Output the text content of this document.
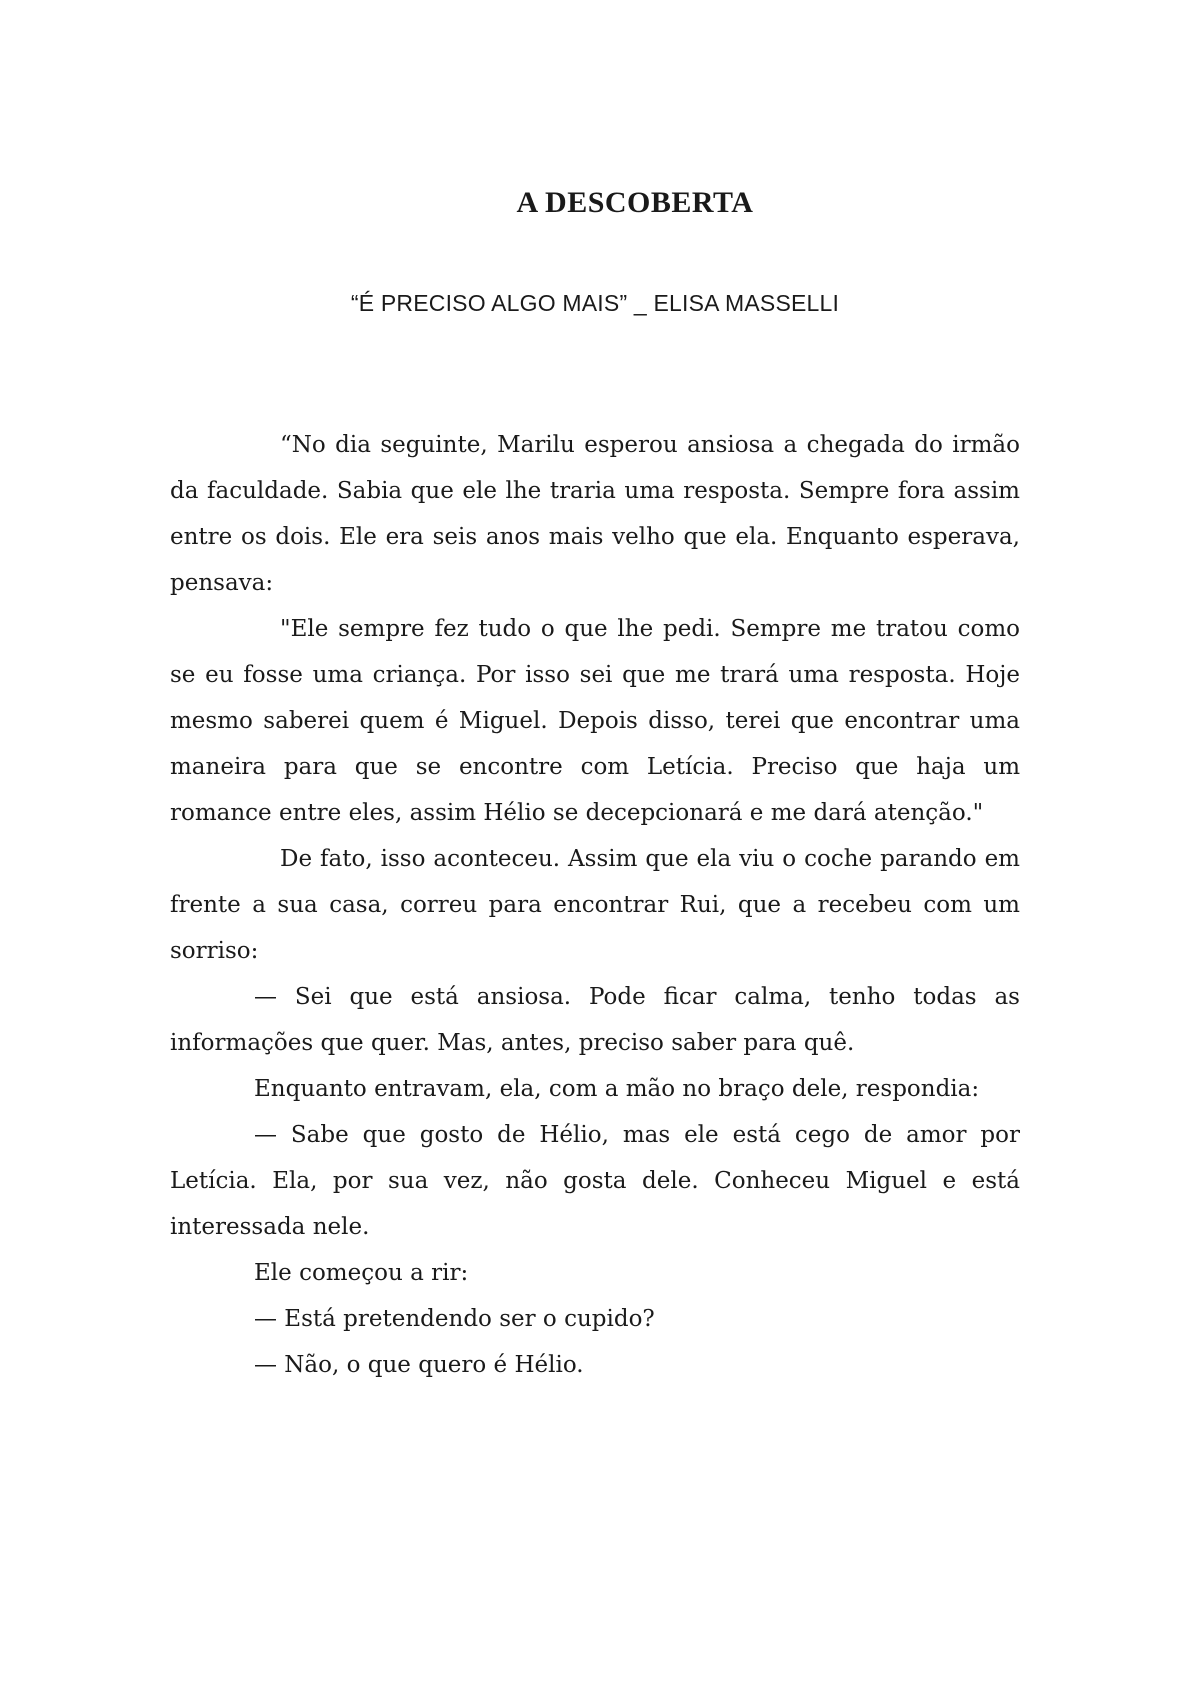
A DESCOBERTA

“É PRECISO ALGO MAIS” _ ELISA MASSELLI

“No dia seguinte, Marilu esperou ansiosa a chegada do irmão da faculdade. Sabia que ele lhe traria uma resposta. Sempre fora assim entre os dois. Ele era seis anos mais velho que ela. Enquanto esperava, pensava:

"Ele sempre fez tudo o que lhe pedi. Sempre me tratou como se eu fosse uma criança. Por isso sei que me trará uma resposta. Hoje mesmo saberei quem é Miguel. Depois disso, terei que encontrar uma maneira para que se encontre com Letícia. Preciso que haja um romance entre eles, assim Hélio se decepcionará e me dará atenção."

De fato, isso aconteceu. Assim que ela viu o coche parando em frente a sua casa, correu para encontrar Rui, que a recebeu com um sorriso:

— Sei que está ansiosa. Pode ficar calma, tenho todas as informações que quer. Mas, antes, preciso saber para quê.

Enquanto entravam, ela, com a mão no braço dele, respondia:

— Sabe que gosto de Hélio, mas ele está cego de amor por Letícia. Ela, por sua vez, não gosta dele. Conheceu Miguel e está interessada nele.

Ele começou a rir:

— Está pretendendo ser o cupido?

— Não, o que quero é Hélio.
